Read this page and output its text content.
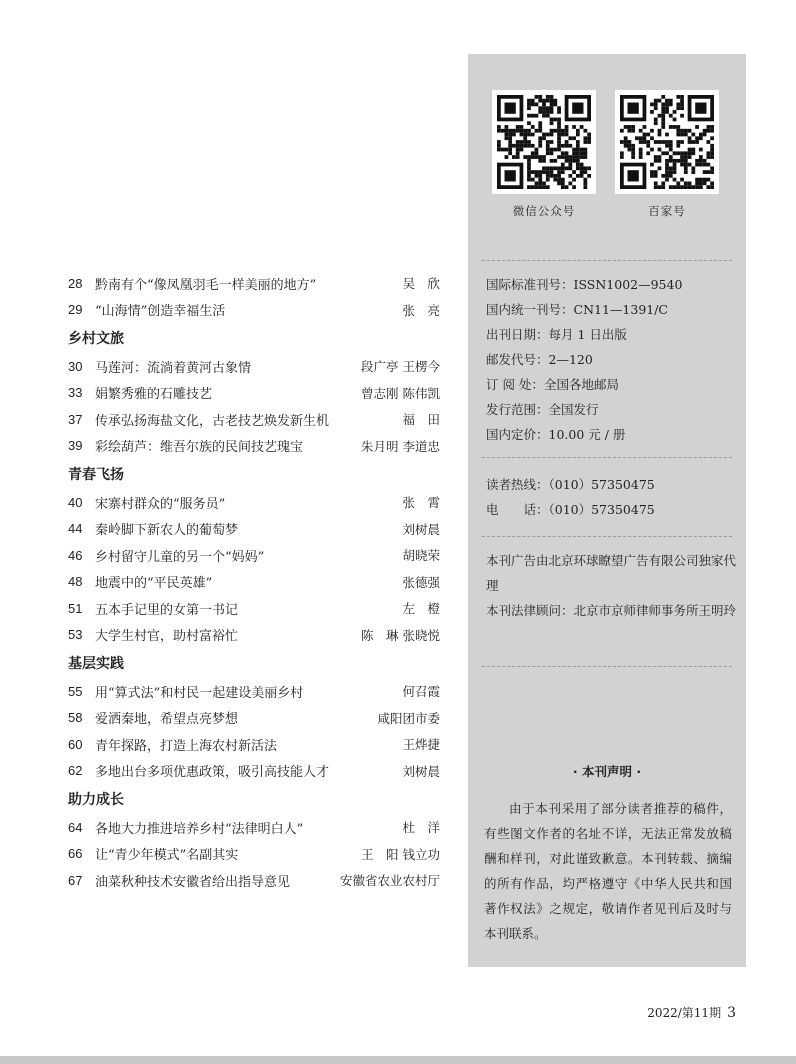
28 黔南有个“像凤凰羽毛一样美丽的地方”	吴　欣
29 “山海情”创造幸福生活	张　亮
乡村文旅
30 马莲河：流淌着黄河古象情	段广亭 王楞今
33 娟繁秀雅的石雕技艺	曾志刚 陈伟凯
37 传承弘扬海盐文化，古老技艺焕发新生机	福　田
39 彩绘葫芦：维吾尔族的民间技艺瑰宝	朱月明 李道忠
青春飞扬
40 宋寨村群众的“服务员”	张　霄
44 秦岭脚下新农人的葡萄梦	刘树晨
46 乡村留守儿童的另一个“妈妈”	胡晓荣
48 地震中的“平民英雄”	张德强
51 五本手记里的女第一书记	左　橙
53 大学生村官，助村富裕忙	陈　琳 张晓悦
基层实践
55 用“算式法”和村民一起建设美丽乡村	何召霞
58 爱洒秦地，希望点亮梦想	咸阳团市委
60 青年探路，打造上海农村新活法	王烨捷
62 多地出台多项优惠政策，吸引高技能人才	刘树晨
助力成长
64 各地大力推进培养乡村“法律明白人”	杜　洋
66 让“青少年模式”名副其实	王　阳 钱立功
67 油菜秋种技术安徽省给出指导意见	安徽省农业农村厅
微信公众号	百家号
国际标准刊号：ISSN1002—9540
国内统一刊号：CN11—1391/C
出刊日期：每月 1 日出版
邮发代号：2—120
订 阅 处：全国各地邮局
发行范围：全国发行
国内定价：10.00 元 / 册
读者热线：（010）57350475
电　　话：（010）57350475
本刊广告由北京环球瞭望广告有限公司独家代理
本刊法律顾问：北京市京师律师事务所王明玲
· 本刊声明 ·
由于本刊采用了部分读者推荐的稿件，有些图文作者的名址不详，无法正常发放稿酬和样刊，对此谨致歉意。本刊转载、摘编的所有作品，均严格遵守《中华人民共和国著作权法》之规定，敬请作者见刊后及时与本刊联系。
2022/第11期 3
